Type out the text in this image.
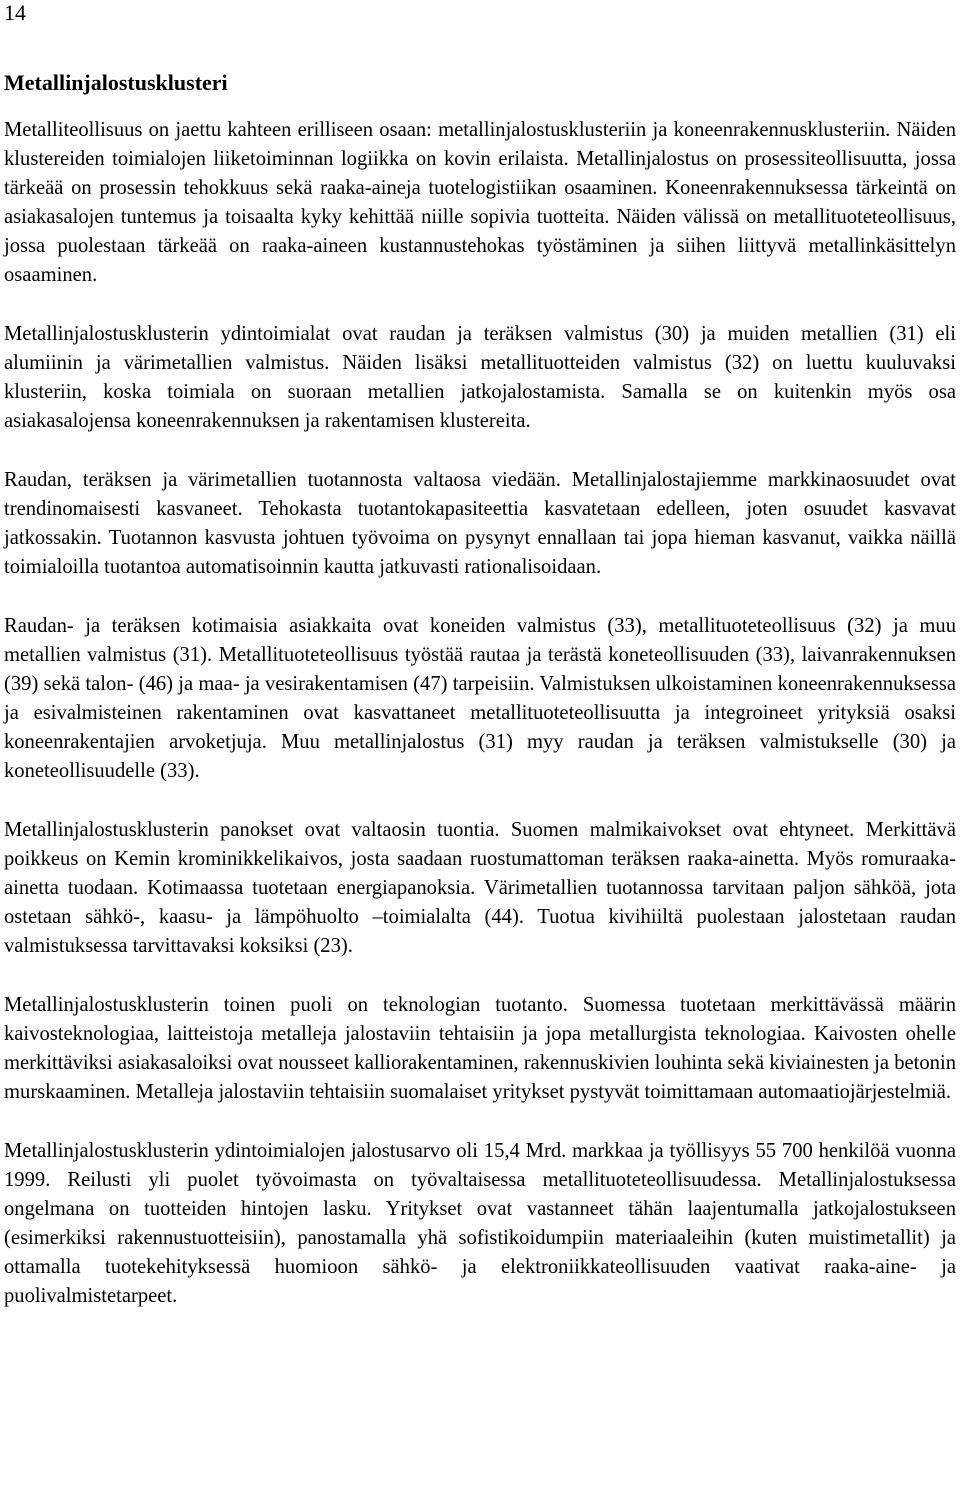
14
Metallinjalostusklusteri

Metalliteollisuus on jaettu kahteen erilliseen osaan: metallinjalostusklusteriin ja koneenrakennusklusteriin. Näiden klustereiden toimialojen liiketoiminnan logiikka on kovin erilaista. Metallinjalostus on prosessiteollisuutta, jossa tärkeää on prosessin tehokkuus sekä raaka-aineja tuotelogistiikan osaaminen. Koneenrakennuksessa tärkeintä on asiakasalojen tuntemus ja toisaalta kyky kehittää niille sopivia tuotteita. Näiden välissä on metallituoteteollisuus, jossa puolestaan tärkeää on raaka-aineen kustannustehokas työstäminen ja siihen liittyvä metallinkäsittelyn osaaminen.

Metallinjalostusklusterin ydintoimialat ovat raudan ja teräksen valmistus (30) ja muiden metallien (31) eli alumiinin ja värimetallien valmistus. Näiden lisäksi metallituotteiden valmistus (32) on luettu kuuluvaksi klusteriin, koska toimiala on suoraan metallien jatkojalostamista. Samalla se on kuitenkin myös osa asiakasalojensa koneenrakennuksen ja rakentamisen klustereita.

Raudan, teräksen ja värimetallien tuotannosta valtaosa viedään. Metallinjalostajiemme markkinaosuudet ovat trendinomaisesti kasvaneet. Tehokasta tuotantokapasiteettia kasvatetaan edelleen, joten osuudet kasvavat jatkossakin. Tuotannon kasvusta johtuen työvoima on pysynyt ennallaan tai jopa hieman kasvanut, vaikka näillä toimialoilla tuotantoa automatisoinnin kautta jatkuvasti rationalisoidaan.

Raudan- ja teräksen kotimaisia asiakkaita ovat koneiden valmistus (33), metallituoteteollisuus (32) ja muu metallien valmistus (31). Metallituoteteollisuus työstää rautaa ja terästä koneteollisuuden (33), laivanrakennuksen (39) sekä talon- (46) ja maa- ja vesirakentamisen (47) tarpeisiin. Valmistuksen ulkoistaminen koneenrakennuksessa ja esivalmisteinen rakentaminen ovat kasvattaneet metallituoteteollisuutta ja integroineet yrityksiä osaksi koneenrakentajien arvoketjuja. Muu metallinjalostus (31) myy raudan ja teräksen valmistukselle (30) ja koneteollisuudelle (33).

Metallinjalostusklusterin panokset ovat valtaosin tuontia. Suomen malmikaivokset ovat ehtyneet. Merkittävä poikkeus on Kemin krominikkelikaivos, josta saadaan ruostumattoman teräksen raaka-ainetta. Myös romuraaka-ainetta tuodaan. Kotimaassa tuotetaan energiapanoksia. Värimetallien tuotannossa tarvitaan paljon sähköä, jota ostetaan sähkö-, kaasu- ja lämpöhuolto –toimialalta (44). Tuotua kivihiiltä puolestaan jalostetaan raudan valmistuksessa tarvittavaksi koksiksi (23).

Metallinjalostusklusterin toinen puoli on teknologian tuotanto. Suomessa tuotetaan merkittävässä määrin kaivosteknologiaa, laitteistoja metalleja jalostaviin tehtaisiin ja jopa metallurgista teknologiaa. Kaivosten ohelle merkittäviksi asiakasaloiksi ovat nousseet kalliorakentaminen, rakennuskivien louhinta sekä kiviainesten ja betonin murskaaminen. Metalleja jalostaviin tehtaisiin suomalaiset yritykset pystyvät toimittamaan automaatiojärjestelmiä.

Metallinjalostusklusterin ydintoimialojen jalostusarvo oli 15,4 Mrd. markkaa ja työllisyys 55 700 henkilöä vuonna 1999. Reilusti yli puolet työvoimasta on työvaltaisessa metallituoteteollisuudessa. Metallinjalostuksessa ongelmana on tuotteiden hintojen lasku. Yritykset ovat vastanneet tähän laajentumalla jatkojalostukseen (esimerkiksi rakennustuotteisiin), panostamalla yhä sofistikoidumpiin materiaaleihin (kuten muistimetallit) ja ottamalla tuotekehityksessä huomioon sähkö- ja elektroniikkateollisuuden vaativat raaka-aine- ja puolivalmistetarpeet.
